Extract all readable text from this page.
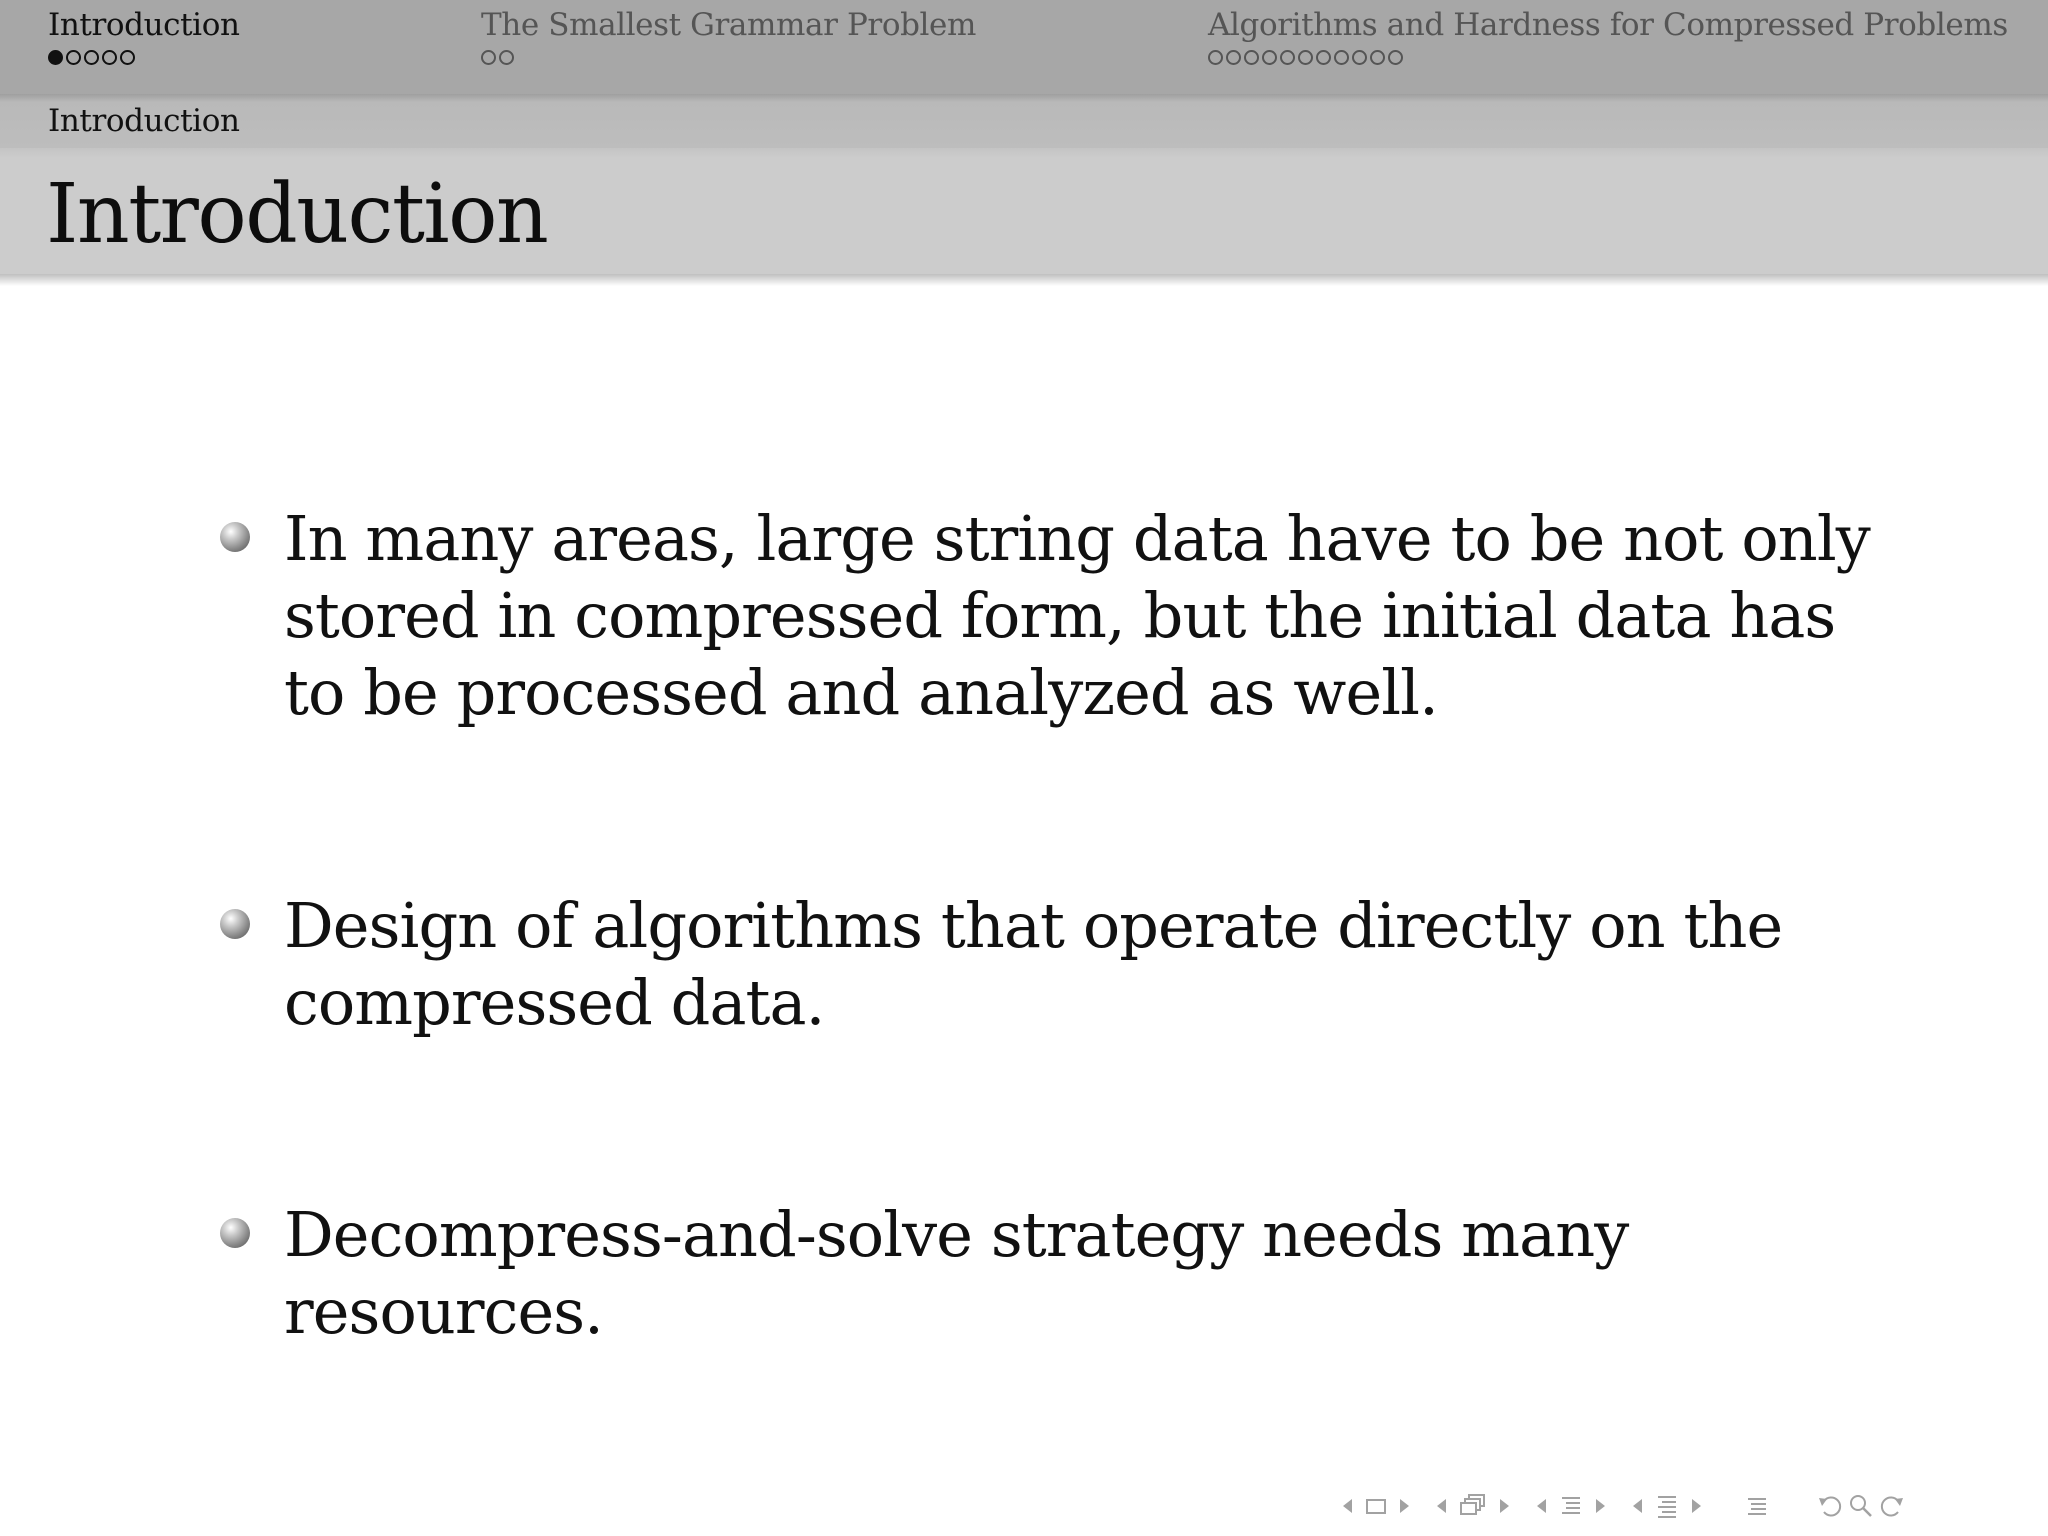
Introduction	The Smallest Grammar Problem	Algorithms and Hardness for Compressed Problems
Introduction
Introduction
In many areas, large string data have to be not only stored in compressed form, but the initial data has to be processed and analyzed as well.
Design of algorithms that operate directly on the compressed data.
Decompress-and-solve strategy needs many resources.
